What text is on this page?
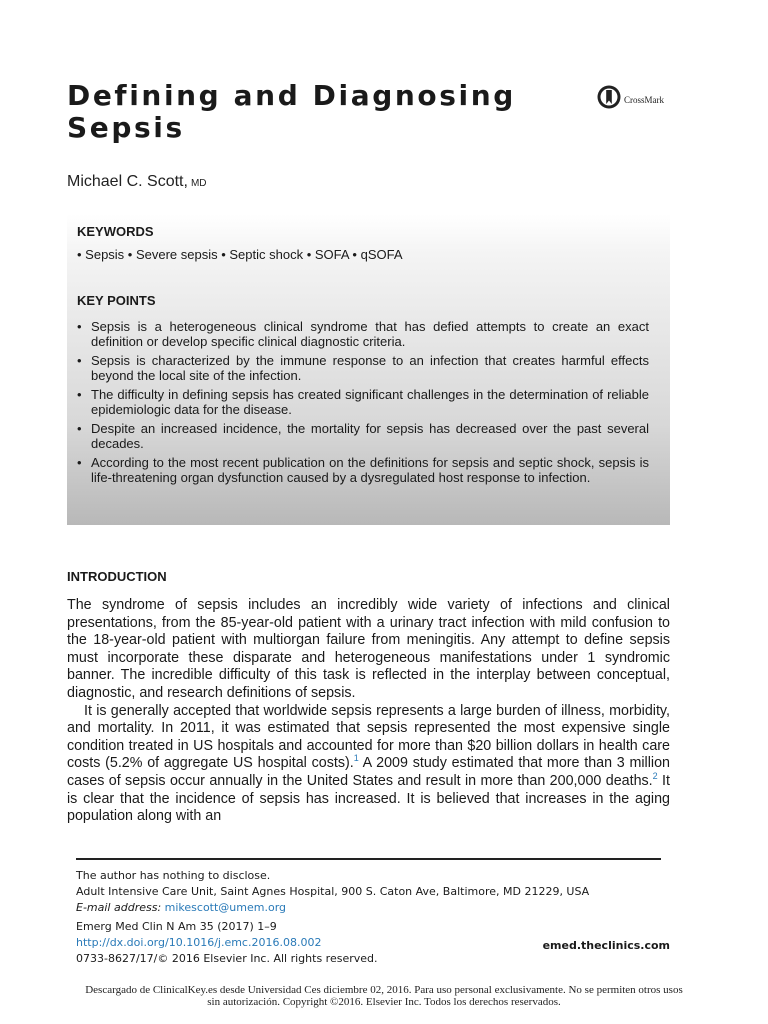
Defining and Diagnosing Sepsis
CrossMark
Michael C. Scott, MD
KEYWORDS
• Sepsis • Severe sepsis • Septic shock • SOFA • qSOFA
KEY POINTS
• Sepsis is a heterogeneous clinical syndrome that has defied attempts to create an exact definition or develop specific clinical diagnostic criteria.
• Sepsis is characterized by the immune response to an infection that creates harmful effects beyond the local site of the infection.
• The difficulty in defining sepsis has created significant challenges in the determination of reliable epidemiologic data for the disease.
• Despite an increased incidence, the mortality for sepsis has decreased over the past several decades.
• According to the most recent publication on the definitions for sepsis and septic shock, sepsis is life-threatening organ dysfunction caused by a dysregulated host response to infection.
INTRODUCTION

The syndrome of sepsis includes an incredibly wide variety of infections and clinical presentations, from the 85-year-old patient with a urinary tract infection with mild confusion to the 18-year-old patient with multiorgan failure from meningitis. Any attempt to define sepsis must incorporate these disparate and heterogeneous manifestations under 1 syndromic banner. The incredible difficulty of this task is reflected in the interplay between conceptual, diagnostic, and research definitions of sepsis.

It is generally accepted that worldwide sepsis represents a large burden of illness, morbidity, and mortality. In 2011, it was estimated that sepsis represented the most expensive single condition treated in US hospitals and accounted for more than $20 billion dollars in health care costs (5.2% of aggregate US hospital costs).$^1$ A 2009 study estimated that more than 3 million cases of sepsis occur annually in the United States and result in more than 200,000 deaths.$^2$ It is clear that the incidence of sepsis has increased. It is believed that increases in the aging population along with an

The author has nothing to disclose.
Adult Intensive Care Unit, Saint Agnes Hospital, 900 S. Caton Ave, Baltimore, MD 21229, USA
E-mail address: mikescott@umem.org
Emerg Med Clin N Am 35 (2017) 1–9
http://dx.doi.org/10.1016/j.emc.2016.08.002
0733-8627/17/© 2016 Elsevier Inc. All rights reserved.
emed.theclinics.com
Descargado de ClinicalKey.es desde Universidad Ces diciembre 02, 2016. Para uso personal exclusivamente. No se permiten otros usos
sin autorización. Copyright ©2016. Elsevier Inc. Todos los derechos reservados.
